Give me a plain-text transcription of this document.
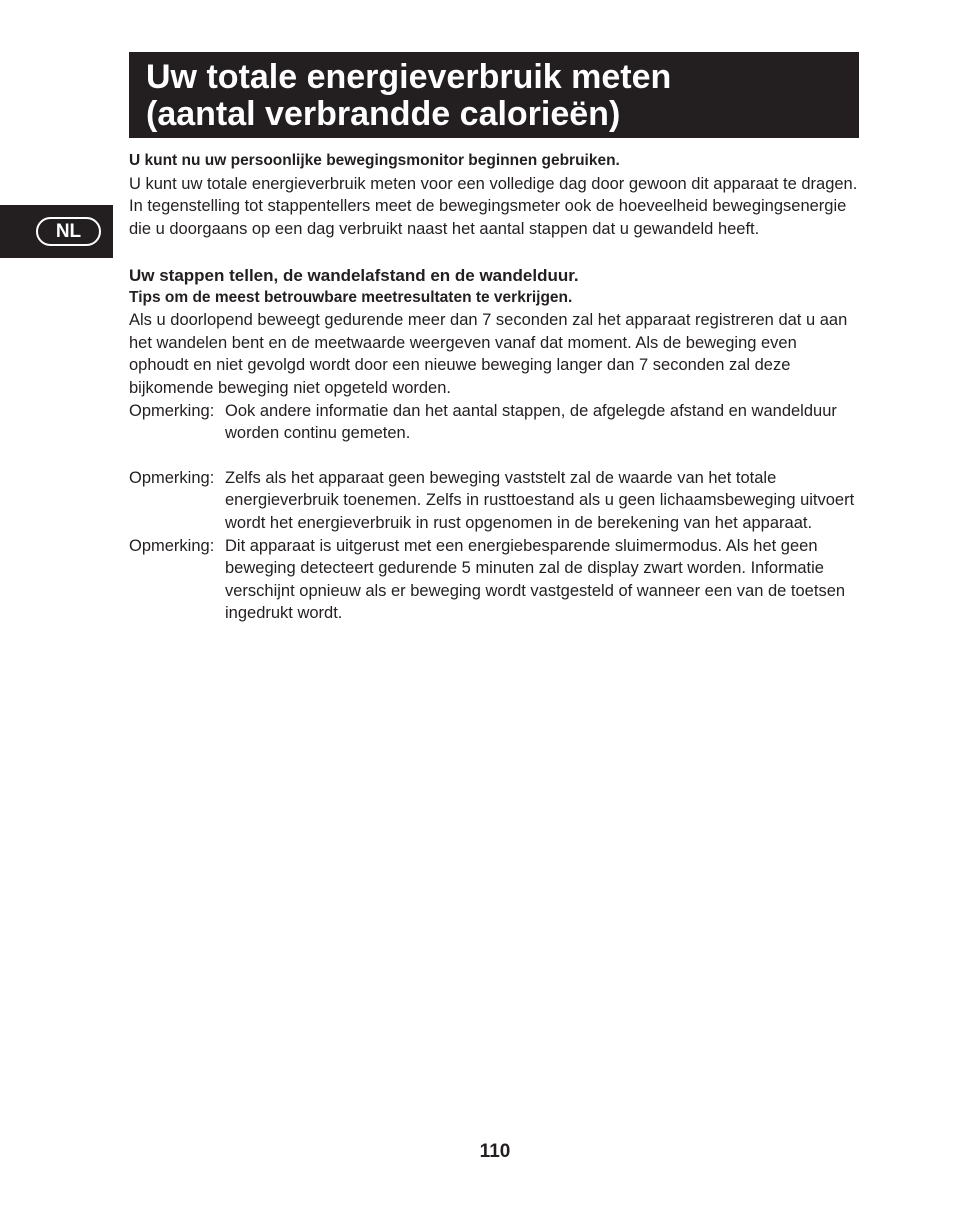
Uw totale energieverbruik meten
(aantal verbrandde calorieën)
NL
U kunt nu uw persoonlijke bewegingsmonitor beginnen gebruiken.

U kunt uw totale energieverbruik meten voor een volledige dag door gewoon dit apparaat te dragen. In tegenstelling tot stappentellers meet de bewegingsmeter ook de hoeveelheid bewegingsenergie die u doorgaans op een dag verbruikt naast het aantal stappen dat u gewandeld heeft.

Uw stappen tellen, de wandelafstand en de wandelduur.
Tips om de meest betrouwbare meetresultaten te verkrijgen.

Als u doorlopend beweegt gedurende meer dan 7 seconden zal het apparaat registreren dat u aan het wandelen bent en de meetwaarde weergeven vanaf dat moment. Als de beweging even ophoudt en niet gevolgd wordt door een nieuwe beweging langer dan 7 seconden zal deze bijkomende beweging niet opgeteld worden.

Opmerking: Ook andere informatie dan het aantal stappen, de afgelegde afstand en wandelduur worden continu gemeten.
Opmerking: Zelfs als het apparaat geen beweging vaststelt zal de waarde van het totale energieverbruik toenemen. Zelfs in rusttoestand als u geen lichaamsbeweging uitvoert wordt het energieverbruik in rust opgenomen in de berekening van het apparaat.
Opmerking: Dit apparaat is uitgerust met een energiebesparende sluimermodus. Als het geen beweging detecteert gedurende 5 minuten zal de display zwart worden. Informatie verschijnt opnieuw als er beweging wordt vastgesteld of wanneer een van de toetsen ingedrukt wordt.
110
